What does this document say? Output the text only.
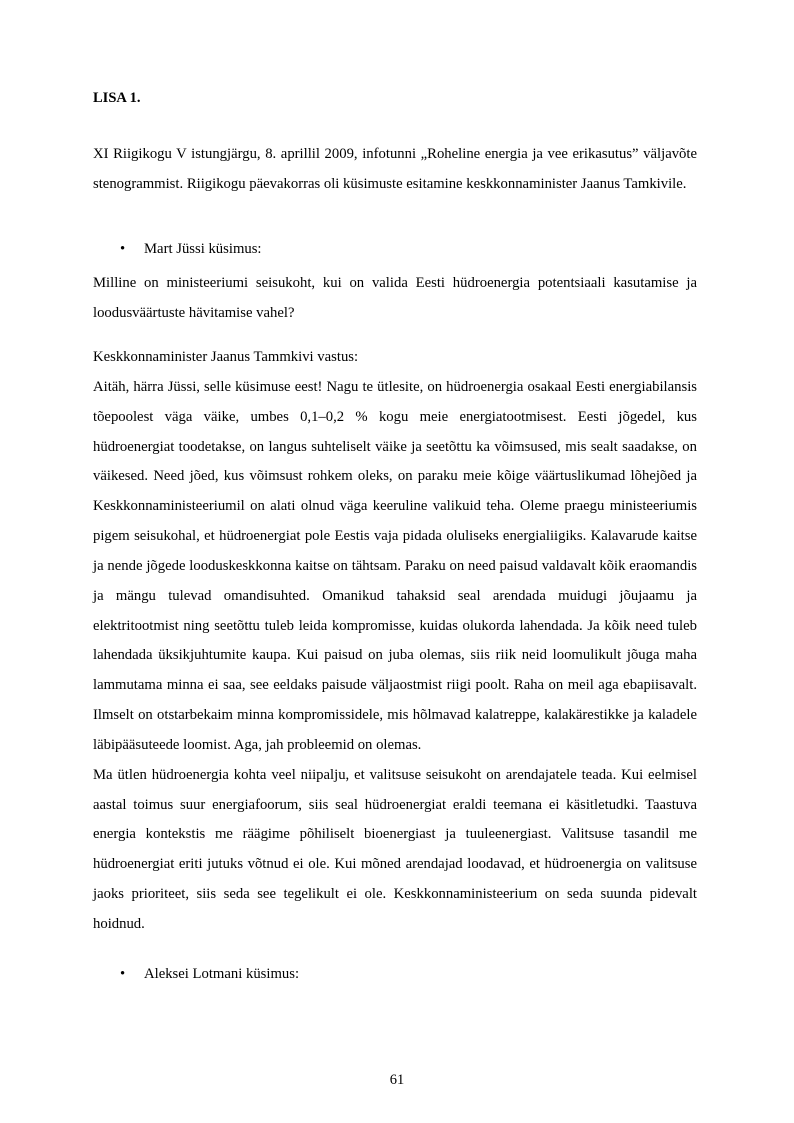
LISA 1.

XI Riigikogu V istungjärgu, 8. aprillil 2009, infotunni „Roheline energia ja vee erikasutus” väljavõte stenogrammist. Riigikogu päevakorras oli küsimuste esitamine keskkonnaminister Jaanus Tamkivile.

•	Mart Jüssi küsimus:

Milline on ministeeriumi seisukoht, kui on valida Eesti hüdroenergia potentsiaali kasutamise ja loodusväärtuste hävitamise vahel?

Keskkonnaminister Jaanus Tammkivi vastus:

Aitäh, härra Jüssi, selle küsimuse eest! Nagu te ütlesite, on hüdroenergia osakaal Eesti energiabilansis tõepoolest väga väike, umbes 0,1–0,2 % kogu meie energiatootmisest. Eesti jõgedel, kus hüdroenergiat toodetakse, on langus suhteliselt väike ja seetõttu ka võimsused, mis sealt saadakse, on väikesed. Need jõed, kus võimsust rohkem oleks, on paraku meie kõige väärtuslikumad lõhejõed ja Keskkonnaministeeriumil on alati olnud väga keeruline valikuid teha. Oleme praegu ministeeriumis pigem seisukohal, et hüdroenergiat pole Eestis vaja pidada oluliseks energialiigiks. Kalavarude kaitse ja nende jõgede looduskeskkonna kaitse on tähtsam. Paraku on need paisud valdavalt kõik eraomandis ja mängu tulevad omandisuhted. Omanikud tahaksid seal arendada muidugi jõujaamu ja elektritootmist ning seetõttu tuleb leida kompromisse, kuidas olukorda lahendada. Ja kõik need tuleb lahendada üksikjuhtumite kaupa. Kui paisud on juba olemas, siis riik neid loomulikult jõuga maha lammutama minna ei saa, see eeldaks paisude väljaostmist riigi poolt. Raha on meil aga ebapiisavalt. Ilmselt on otstarbekaim minna kompromissidele, mis hõlmavad kalatreppe, kalakärestikke ja kaladele läbipääsuteede loomist. Aga, jah probleemid on olemas.

Ma ütlen hüdroenergia kohta veel niipalju, et valitsuse seisukoht on arendajatele teada. Kui eelmisel aastal toimus suur energiafoorum, siis seal hüdroenergiat eraldi teemana ei käsitletudki. Taastuva energia kontekstis me räägime põhiliselt bioenergiast ja tuuleenergiast. Valitsuse tasandil me hüdroenergiat eriti jutuks võtnud ei ole. Kui mõned arendajad loodavad, et hüdroenergia on valitsuse jaoks prioriteet, siis seda see tegelikult ei ole. Keskkonnaministeerium on seda suunda pidevalt hoidnud.

•	Aleksei Lotmani küsimus:
61
